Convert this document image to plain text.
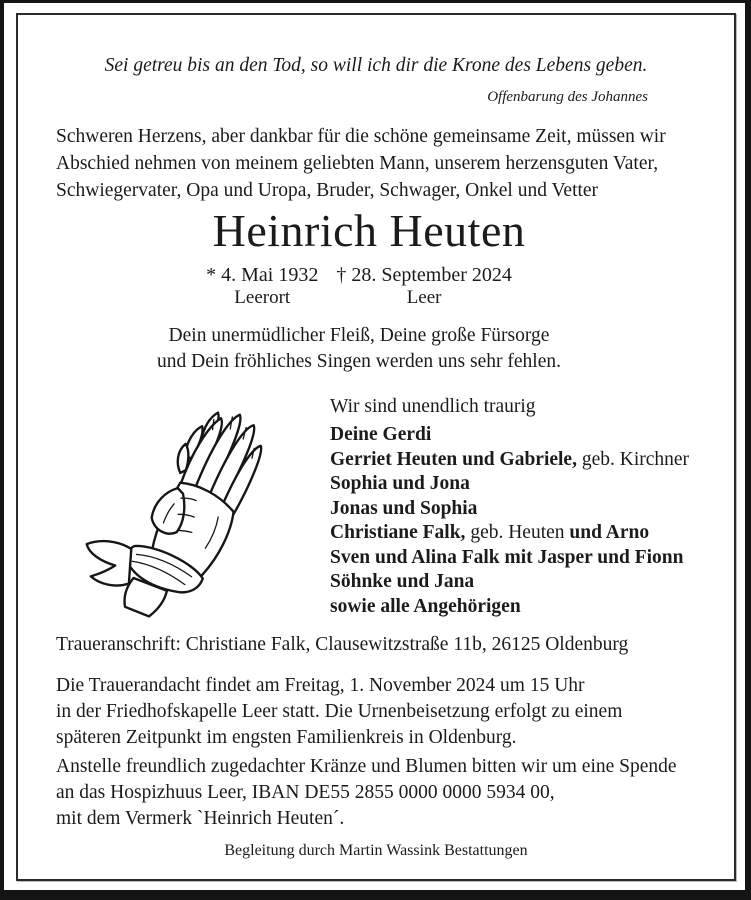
Sei getreu bis an den Tod, so will ich dir die Krone des Lebens geben.
Offenbarung des Johannes
Schweren Herzens, aber dankbar für die schöne gemeinsame Zeit, müssen wir
Abschied nehmen von meinem geliebten Mann, unserem herzensguten Vater,
Schwiegervater, Opa und Uropa, Bruder, Schwager, Onkel und Vetter
Heinrich Heuten
* 4. Mai 1932
Leerort
† 28. September 2024
Leer
Dein unermüdlicher Fleiß, Deine große Fürsorge
und Dein fröhliches Singen werden uns sehr fehlen.
Wir sind unendlich traurig
Deine Gerdi
Gerriet Heuten und Gabriele, geb. Kirchner
Sophia und Jona
Jonas und Sophia
Christiane Falk, geb. Heuten und Arno
Sven und Alina Falk mit Jasper und Fionn
Söhnke und Jana
sowie alle Angehörigen
Traueranschrift: Christiane Falk, Clausewitzstraße 11b, 26125 Oldenburg
Die Trauerandacht findet am Freitag, 1. November 2024 um 15 Uhr
in der Friedhofskapelle Leer statt. Die Urnenbeisetzung erfolgt zu einem
späteren Zeitpunkt im engsten Familienkreis in Oldenburg.
Anstelle freundlich zugedachter Kränze und Blumen bitten wir um eine Spende
an das Hospizhuus Leer, IBAN DE55 2855 0000 0000 5934 00,
mit dem Vermerk `Heinrich Heuten´.
Begleitung durch Martin Wassink Bestattungen
